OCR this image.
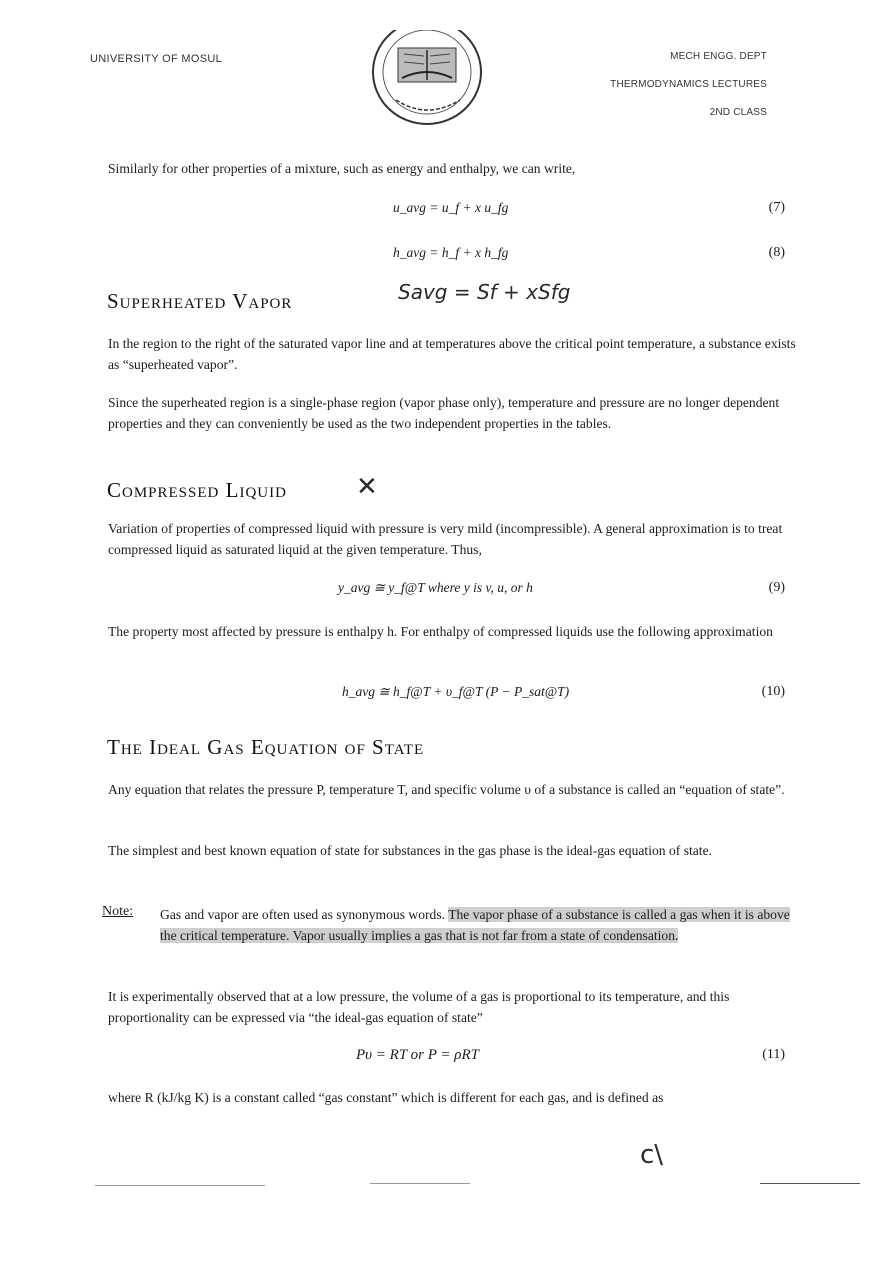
UNIVERSITY OF MOSUL	MECH ENGG. DEPT
THERMODYNAMICS LECTURES
2ND CLASS
Similarly for other properties of a mixture, such as energy and enthalpy, we can write,
u_avg = u_f + x u_fg	(7)
h_avg = h_f + x h_fg	(8)
Superheated Vapor	Savg = Sf + xSfg
In the region to the right of the saturated vapor line and at temperatures above the critical point temperature, a substance exists as “superheated vapor”.
Since the superheated region is a single-phase region (vapor phase only), temperature and pressure are no longer dependent properties and they can conveniently be used as the two independent properties in the tables.
Compressed Liquid	✕
Variation of properties of compressed liquid with pressure is very mild (incompressible). A general approximation is to treat compressed liquid as saturated liquid at the given temperature. Thus,
y_avg ≅ y_f@T where y is v, u, or h	(9)
The property most affected by pressure is enthalpy h. For enthalpy of compressed liquids use the following approximation
h_avg ≅ h_f@T + υ_f@T (P − P_sat@T)	(10)
The Ideal Gas Equation of State
Any equation that relates the pressure P, temperature T, and specific volume υ of a substance is called an “equation of state”.
The simplest and best known equation of state for substances in the gas phase is the ideal-gas equation of state.
Note: Gas and vapor are often used as synonymous words. The vapor phase of a substance is called a gas when it is above the critical temperature. Vapor usually implies a gas that is not far from a state of condensation.
It is experimentally observed that at a low pressure, the volume of a gas is proportional to its temperature, and this proportionality can be expressed via “the ideal-gas equation of state”
Pυ = RT or P = ρRT	(11)
where R (kJ/kg K) is a constant called “gas constant” which is different for each gas, and is defined as
c\
